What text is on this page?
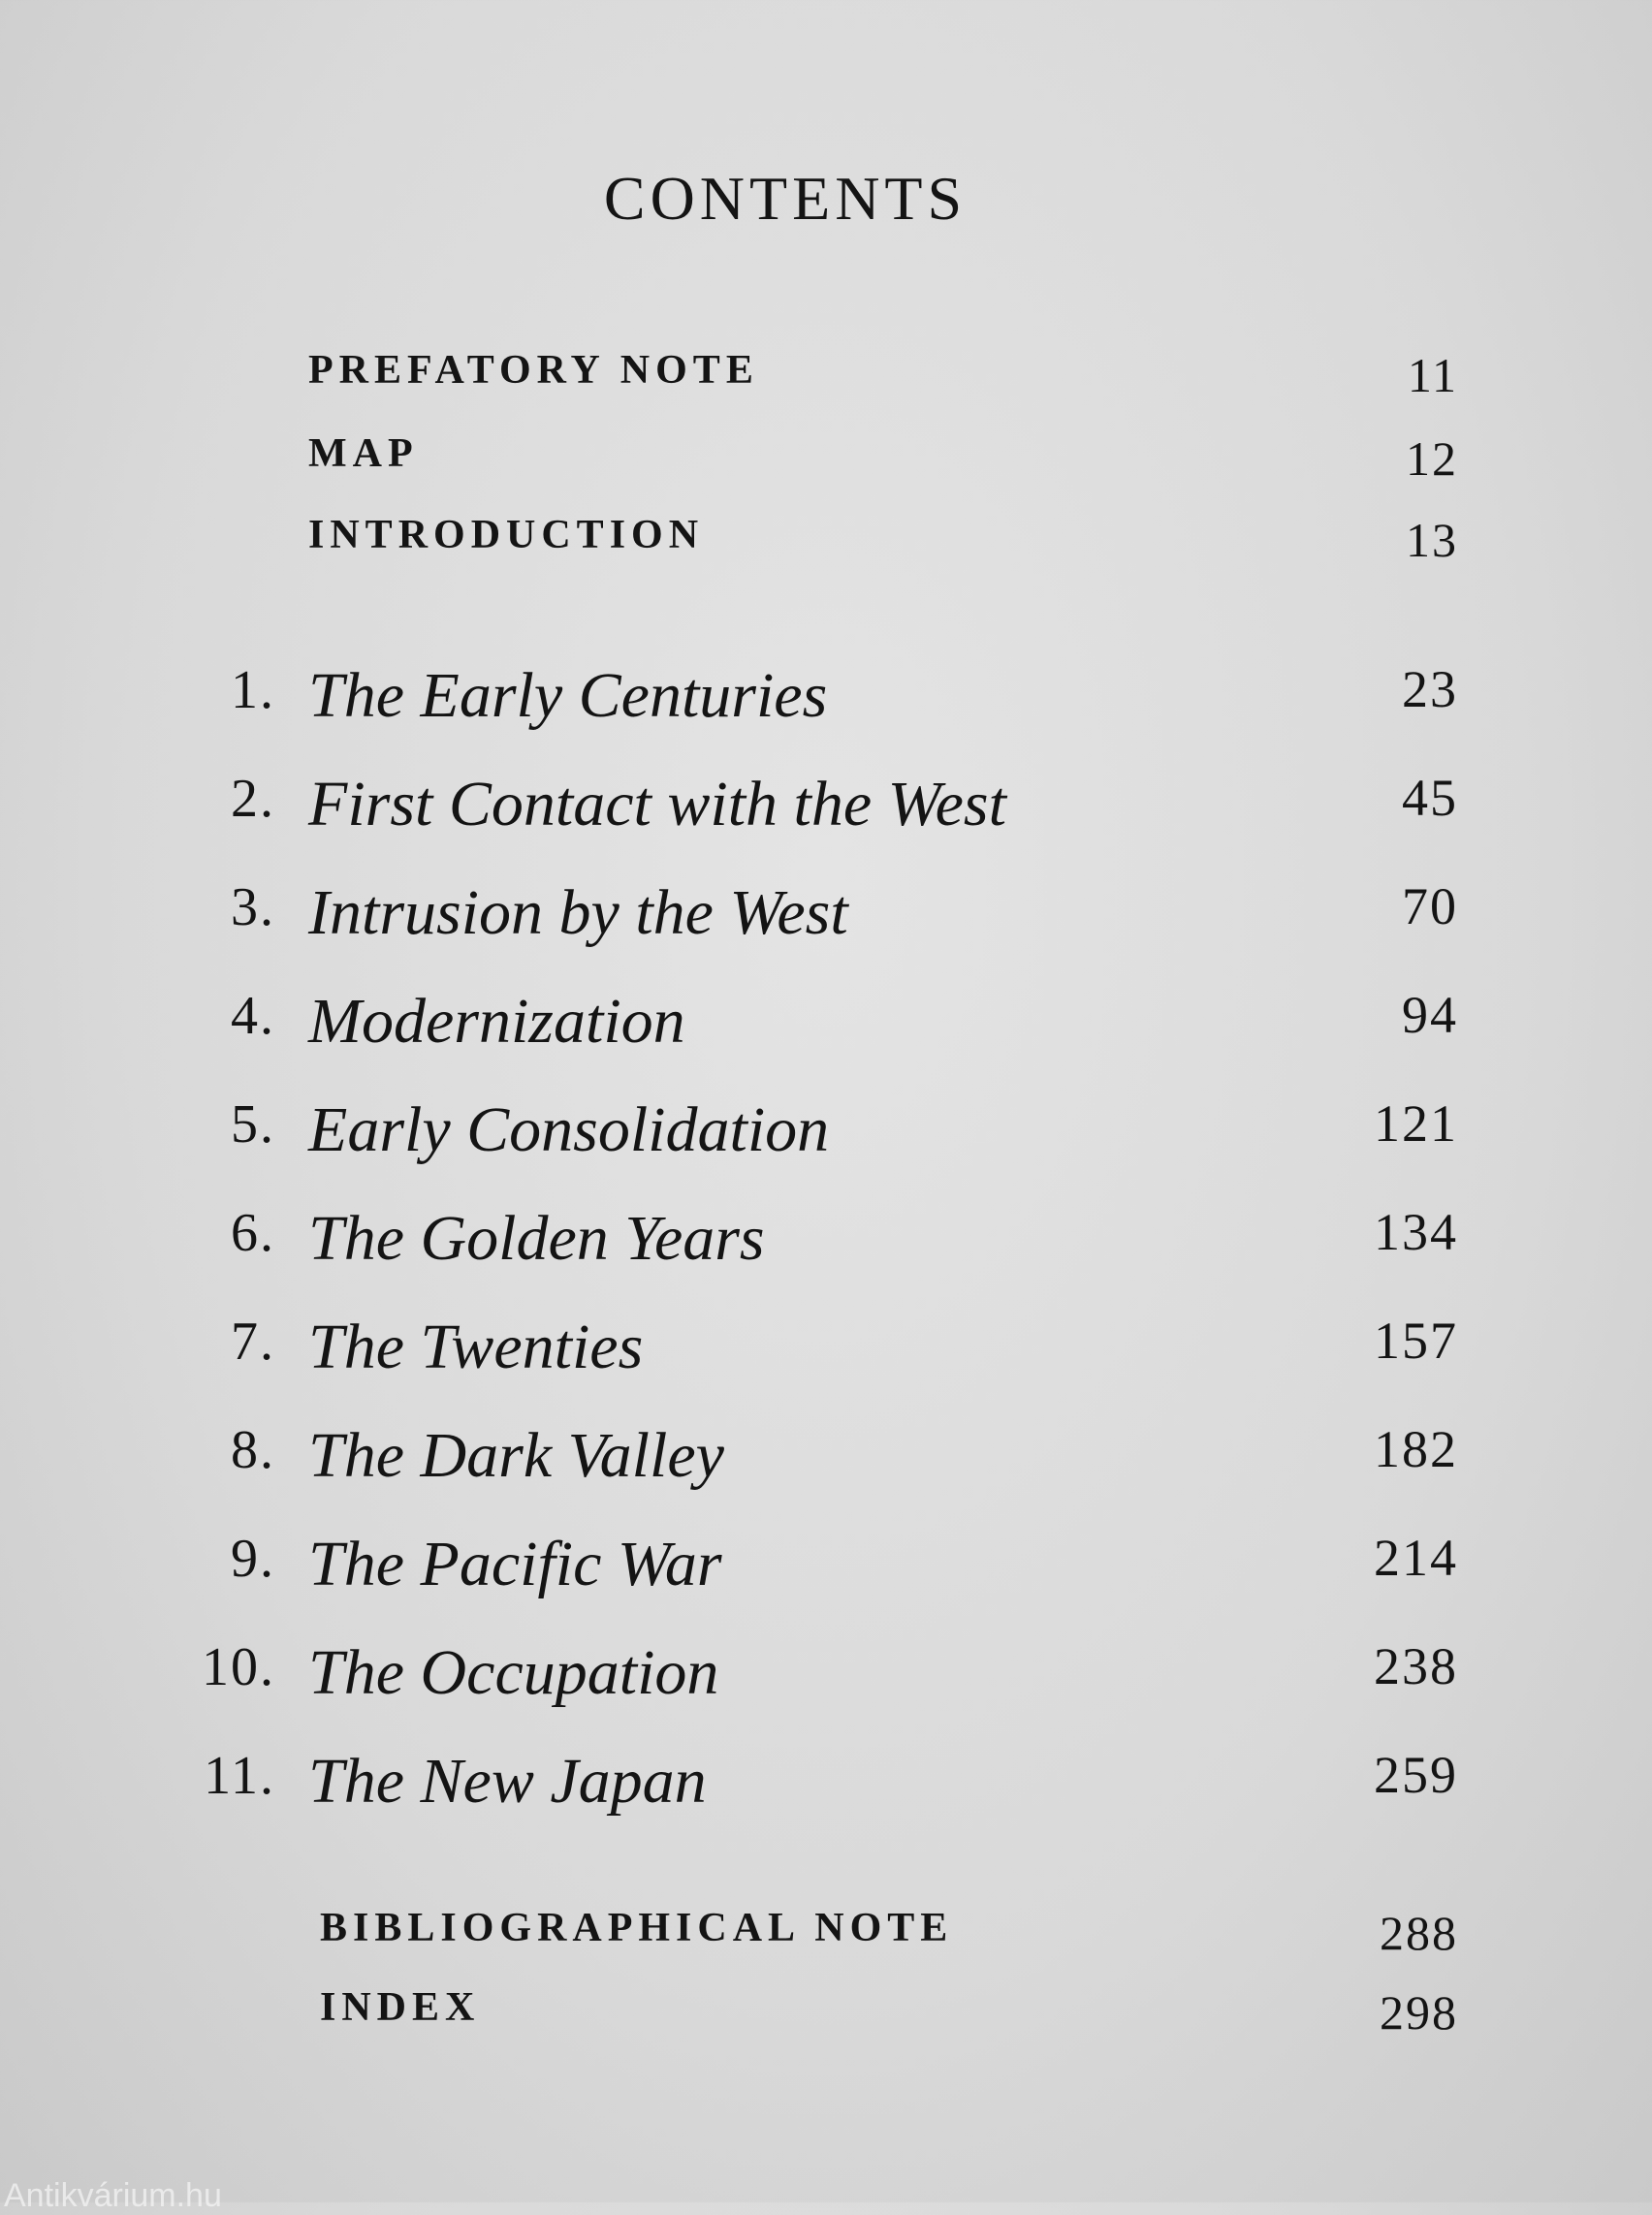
CONTENTS
PREFATORY NOTE	11
MAP	12
INTRODUCTION	13
1. The Early Centuries	23
2. First Contact with the West	45
3. Intrusion by the West	70
4. Modernization	94
5. Early Consolidation	121
6. The Golden Years	134
7. The Twenties	157
8. The Dark Valley	182
9. The Pacific War	214
10. The Occupation	238
11. The New Japan	259
BIBLIOGRAPHICAL NOTE	288
INDEX	298
Antikvárium.hu
